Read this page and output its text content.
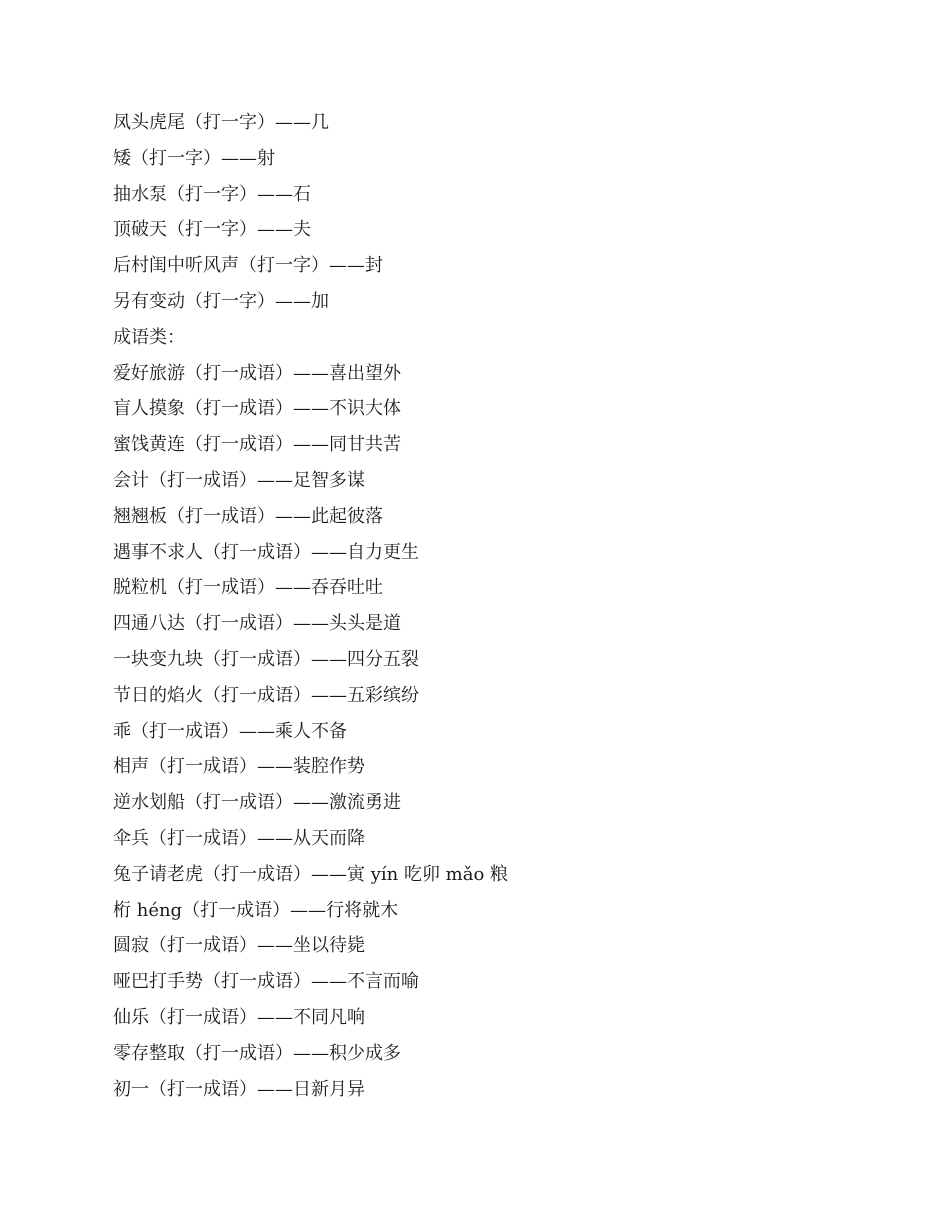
凤头虎尾（打一字）——几
矮（打一字）——射
抽水泵（打一字）——石
顶破天（打一字）——夫
后村闺中听风声（打一字）——封
另有变动（打一字）——加
成语类：
爱好旅游（打一成语）——喜出望外
盲人摸象（打一成语）——不识大体
蜜饯黄连（打一成语）——同甘共苦
会计（打一成语）——足智多谋
翘翘板（打一成语）——此起彼落
遇事不求人（打一成语）——自力更生
脱粒机（打一成语）——吞吞吐吐
四通八达（打一成语）——头头是道
一块变九块（打一成语）——四分五裂
节日的焰火（打一成语）——五彩缤纷
乖（打一成语）——乘人不备
相声（打一成语）——装腔作势
逆水划船（打一成语）——激流勇进
伞兵（打一成语）——从天而降
兔子请老虎（打一成语）——寅 yín 吃卯 mǎo 粮
桁 héng（打一成语）——行将就木
圆寂（打一成语）——坐以待毙
哑巴打手势（打一成语）——不言而喻
仙乐（打一成语）——不同凡响
零存整取（打一成语）——积少成多
初一（打一成语）——日新月异
